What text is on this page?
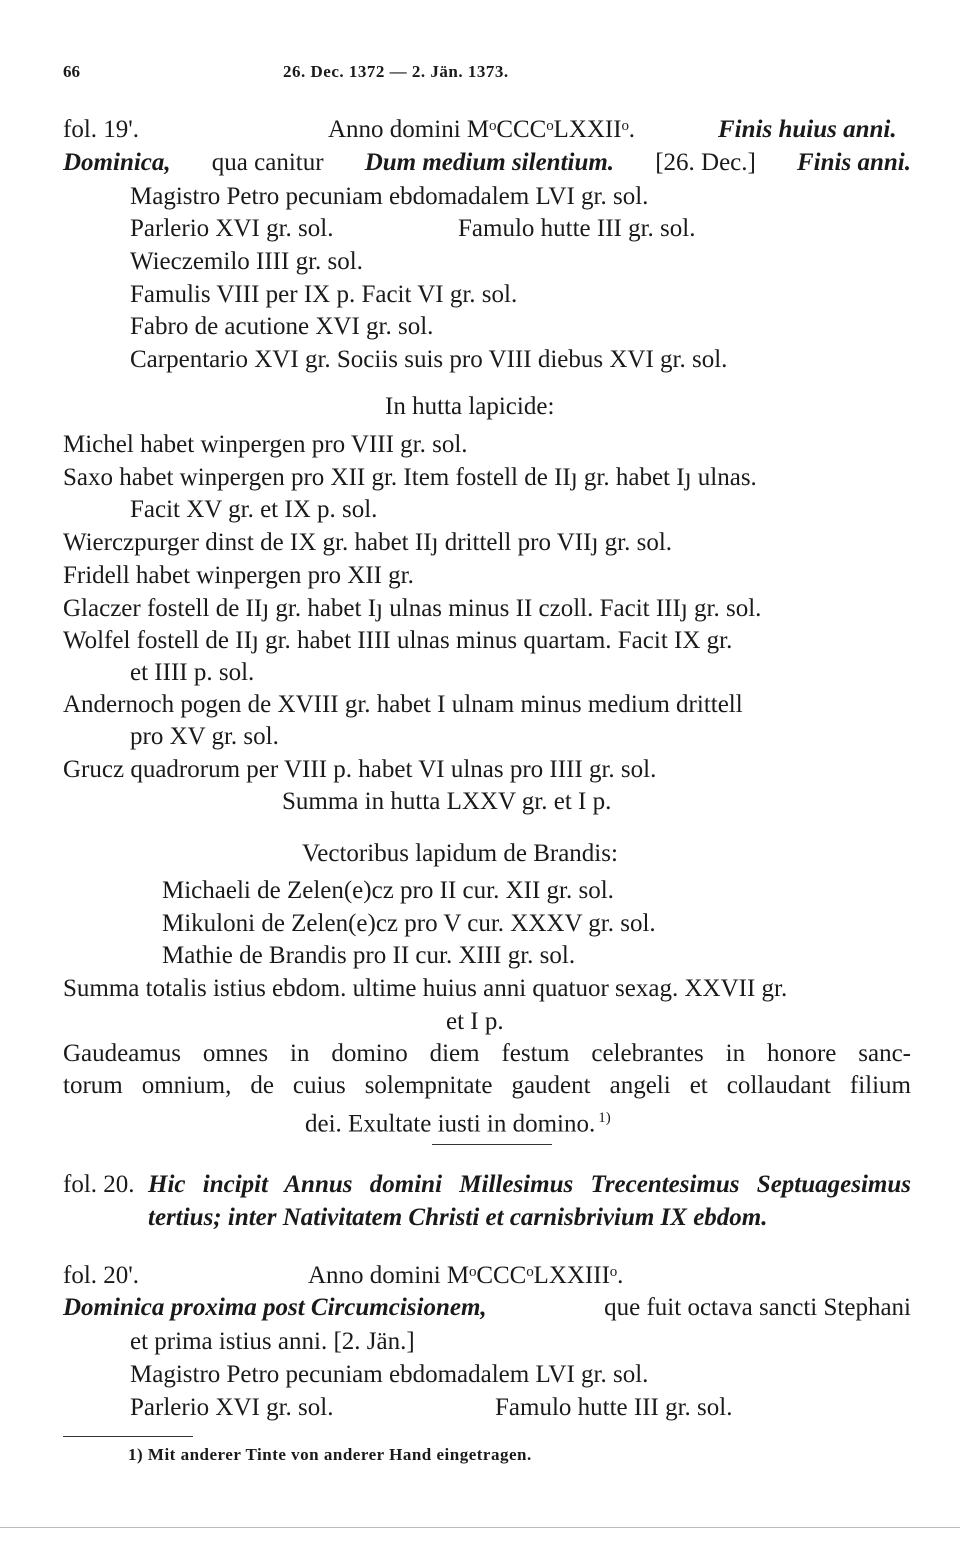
66	26. Dec. 1372 — 2. Jän. 1373.
fol. 19'.	Anno domini MᵒCCCᵒLXXIIᵒ.	Finis huius anni.
Dominica, qua canitur Dum medium silentium. [26. Dec.] Finis anni.
Magistro Petro pecuniam ebdomadalem LVI gr. sol.
Parlerio XVI gr. sol.	Famulo hutte III gr. sol.
Wieczemilo IIII gr. sol.
Famulis VIII per IX p. Facit VI gr. sol.
Fabro de acutione XVI gr. sol.
Carpentario XVI gr. Sociis suis pro VIII diebus XVI gr. sol.
In hutta lapicide:
Michel habet winpergen pro VIII gr. sol.
Saxo habet winpergen pro XII gr. Item fostell de IIȷ gr. habet Iȷ ulnas.
Facit XV gr. et IX p. sol.
Wierczpurger dinst de IX gr. habet IIȷ drittell pro VIIȷ gr. sol.
Fridell habet winpergen pro XII gr.
Glaczer fostell de IIȷ gr. habet Iȷ ulnas minus II czoll. Facit IIIȷ gr. sol.
Wolfel fostell de IIȷ gr. habet IIII ulnas minus quartam. Facit IX gr.
et IIII p. sol.
Andernoch pogen de XVIII gr. habet I ulnam minus medium drittell
pro XV gr. sol.
Grucz quadrorum per VIII p. habet VI ulnas pro IIII gr. sol.
Summa in hutta LXXV gr. et I p.
Vectoribus lapidum de Brandis:
Michaeli de Zelen(e)cz pro II cur. XII gr. sol.
Mikuloni de Zelen(e)cz pro V cur. XXXV gr. sol.
Mathie de Brandis pro II cur. XIII gr. sol.
Summa totalis istius ebdom. ultime huius anni quatuor sexag. XXVII gr.
et I p.
Gaudeamus omnes in domino diem festum celebrantes in honore sanc-
torum omnium, de cuius solempnitate gaudent angeli et collaudant filium
dei. Exultate iusti in domino. $^{1)}$
fol. 20. Hic incipit Annus domini Millesimus Trecentesimus Septuagesimus
tertius; inter Nativitatem Christi et carnisbrivium IX ebdom.
fol. 20'.	Anno domini MᵒCCCᵒLXXIIIᵒ.
Dominica proxima post Circumcisionem,	que fuit octava sancti Stephani
et prima istius anni. [2. Jän.]
Magistro Petro pecuniam ebdomadalem LVI gr. sol.
Parlerio XVI gr. sol.	Famulo hutte III gr. sol.
1) Mit anderer Tinte von anderer Hand eingetragen.
